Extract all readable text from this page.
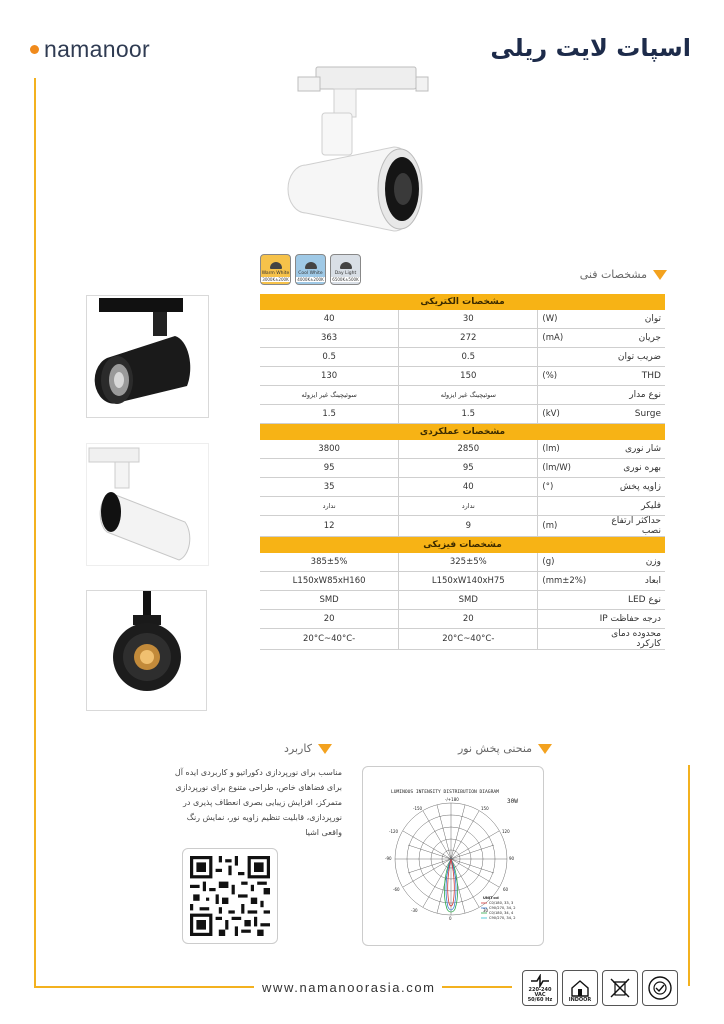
namanoor	اسپات لایت ریلی
Warm White
3000K±200K
Cool White
4000K±200K
Day Light
6500K±500K	مشخصات فنی
مشخصات الکتریکی			
توان	(W)	30	40
جریان	(mA)	272	363
ضریب توان		0.5	0.5
THD	(%)	150	130
نوع مدار		سوئیچینگ غیر ایزوله	سوئیچینگ غیر ایزوله
Surge	(kV)	1.5	1.5
مشخصات عملکردی			
شار نوری	(lm)	2850	3800
بهره نوری	(lm/W)	95	95
زاویه پخش	(°)	40	35
فلیکر		ندارد	ندارد
حداکثر ارتفاع نصب	(m)	9	12
مشخصات فیزیکی			
وزن	(g)	325±5%	385±5%
ابعاد	(mm±2%)	L150xW140xH75	L150xW85xH160
نوع LED		SMD	SMD
درجه حفاظت IP		20	20
محدوده دمای کارکرد		-20°C~40°C	-20°C~40°C
منحنی پخش نور
کاربرد
مناسب برای نورپردازی دکوراتیو و کاربردی ایده آل برای فضاهای خاص، طراحی متنوع برای نورپردازی متمرکز، افزایش زیبایی بصری انعطاف پذیری در نورپردازی، قابلیت تنظیم زاویه نور، نمایش رنگ واقعی اشیا
LUMINOUS INTENSITY DISTRIBUTION DIAGRAM
30W
-/+180
-150	150
-120	120
-90	90
-60	60
-30	30
0
UNIT:cd
C0/180, 33, 3
C90/270, 34, 2
C0/180, 34, 4
C90/270, 34, 2
www.namanoorasia.com	220-240 VAC
50/60 Hz	INDOOR
